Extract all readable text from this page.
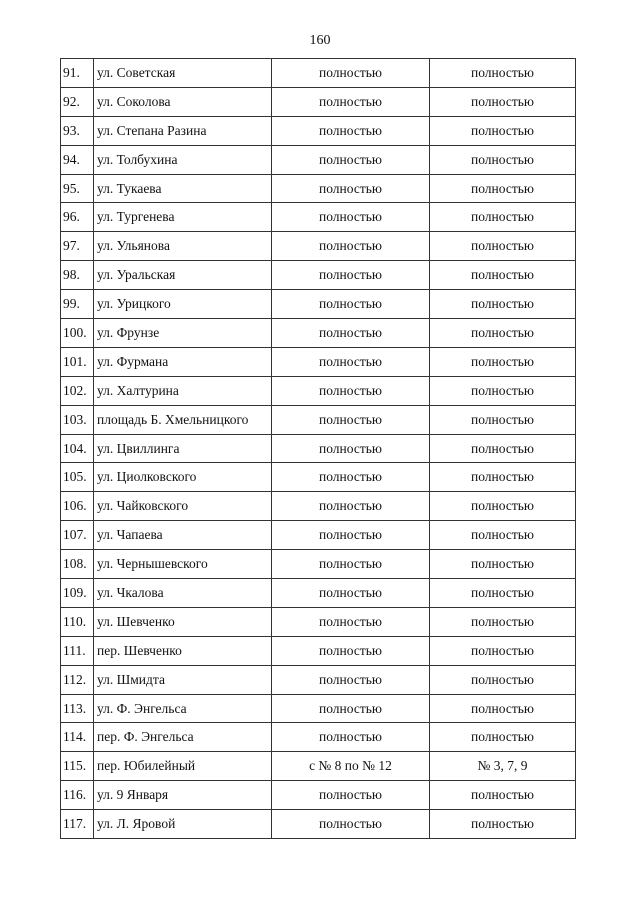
160
91.	ул. Советская	полностью	полностью
92.	ул. Соколова	полностью	полностью
93.	ул. Степана Разина	полностью	полностью
94.	ул. Толбухина	полностью	полностью
95.	ул. Тукаева	полностью	полностью
96.	ул. Тургенева	полностью	полностью
97.	ул. Ульянова	полностью	полностью
98.	ул. Уральская	полностью	полностью
99.	ул. Урицкого	полностью	полностью
100.	ул. Фрунзе	полностью	полностью
101.	ул. Фурмана	полностью	полностью
102.	ул. Халтурина	полностью	полностью
103.	площадь Б. Хмельницкого	полностью	полностью
104.	ул. Цвиллинга	полностью	полностью
105.	ул. Циолковского	полностью	полностью
106.	ул. Чайковского	полностью	полностью
107.	ул. Чапаева	полностью	полностью
108.	ул. Чернышевского	полностью	полностью
109.	ул. Чкалова	полностью	полностью
110.	ул. Шевченко	полностью	полностью
111.	пер. Шевченко	полностью	полностью
112.	ул. Шмидта	полностью	полностью
113.	ул. Ф. Энгельса	полностью	полностью
114.	пер. Ф. Энгельса	полностью	полностью
115.	пер. Юбилейный	с № 8 по № 12	№ 3, 7, 9
116.	ул. 9 Января	полностью	полностью
117.	ул. Л. Яровой	полностью	полностью
